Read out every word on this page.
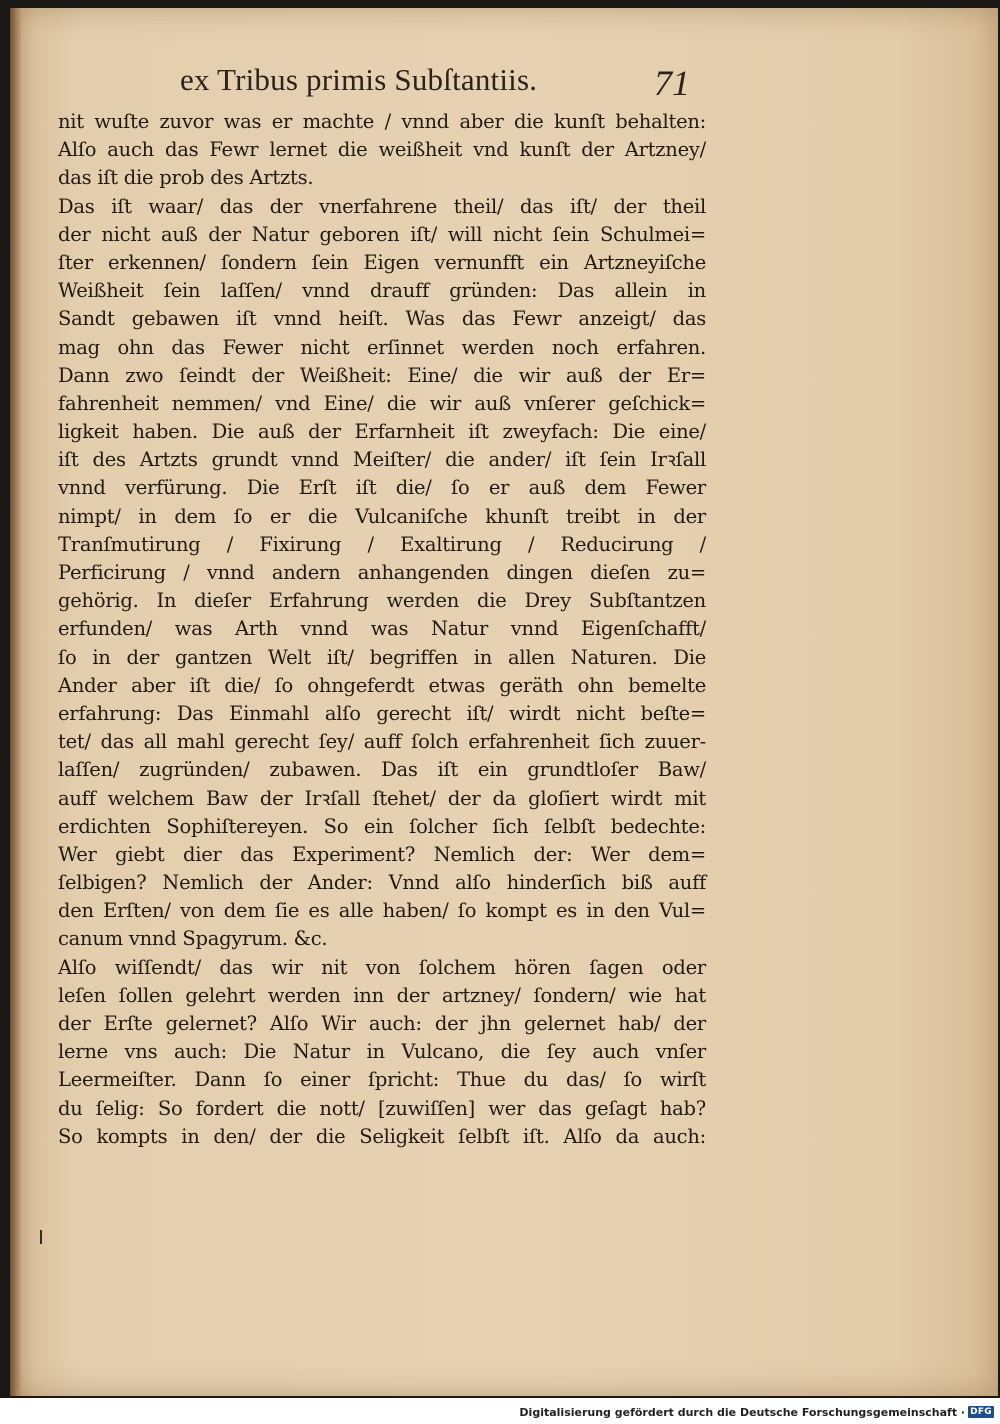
ex Tribus primis Subſtantiis.	71
nit wuſte zuvor was er machte / vnnd aber die kunſt behalten:
Alſo auch das Fewr lernet die weißheit vnd kunſt der Artzney/
das iſt die prob des Artzts.
Das iſt waar/ das der vnerfahrene theil/ das iſt/ der theil
der nicht auß der Natur geboren iſt/ will nicht ſein Schulmei=
ſter erkennen/ ſondern ſein Eigen vernunfft ein Artzneyiſche
Weißheit ſein laſſen/ vnnd drauff gründen: Das allein in
Sandt gebawen iſt vnnd heiſt. Was das Fewr anzeigt/ das
mag ohn das Fewer nicht erſinnet werden noch erfahren.
Dann zwo ſeindt der Weißheit: Eine/ die wir auß der Er=
fahrenheit nemmen/ vnd Eine/ die wir auß vnſerer geſchick=
ligkeit haben. Die auß der Erfarnheit iſt zweyfach: Die eine/
iſt des Artzts grundt vnnd Meiſter/ die ander/ iſt ſein Irꝛſall
vnnd verfürung. Die Erſt iſt die/ ſo er auß dem Fewer
nimpt/ in dem ſo er die Vulcaniſche khunſt treibt in der
Tranſmutirung / Fixirung / Exaltirung / Reducirung /
Perficirung / vnnd andern anhangenden dingen dieſen zu=
gehörig. In dieſer Erfahrung werden die Drey Subſtantzen
erfunden/ was Arth vnnd was Natur vnnd Eigenſchafft/
ſo in der gantzen Welt iſt/ begriffen in allen Naturen. Die
Ander aber iſt die/ ſo ohngeferdt etwas geräth ohn bemelte
erfahrung: Das Einmahl alſo gerecht iſt/ wirdt nicht beſte=
tet/ das all mahl gerecht ſey/ auff ſolch erfahrenheit ſich zuuer-
laſſen/ zugründen/ zubawen. Das iſt ein grundtloſer Baw/
auff welchem Baw der Irꝛſall ſtehet/ der da gloſiert wirdt mit
erdichten Sophiſtereyen. So ein ſolcher ſich ſelbſt bedechte:
Wer giebt dier das Experiment? Nemlich der: Wer dem=
ſelbigen? Nemlich der Ander: Vnnd alſo hinderſich biß auff
den Erſten/ von dem ſie es alle haben/ ſo kompt es in den Vul=
canum vnnd Spagyrum. &c.
Alſo wiſſendt/ das wir nit von ſolchem hören ſagen oder
leſen ſollen gelehrt werden inn der artzney/ ſondern/ wie hat
der Erſte gelernet? Alſo Wir auch: der jhn gelernet hab/ der
lerne vns auch: Die Natur in Vulcano, die ſey auch vnſer
Leermeiſter. Dann ſo einer ſpricht: Thue du das/ ſo wirſt
du ſelig: So fordert die nott/ [zuwiſſen] wer das geſagt hab?
So kompts in den/ der die Seligkeit ſelbſt iſt. Alſo da auch:
Digitalisierung gefördert durch die Deutsche Forschungsgemeinschaft · DFG
